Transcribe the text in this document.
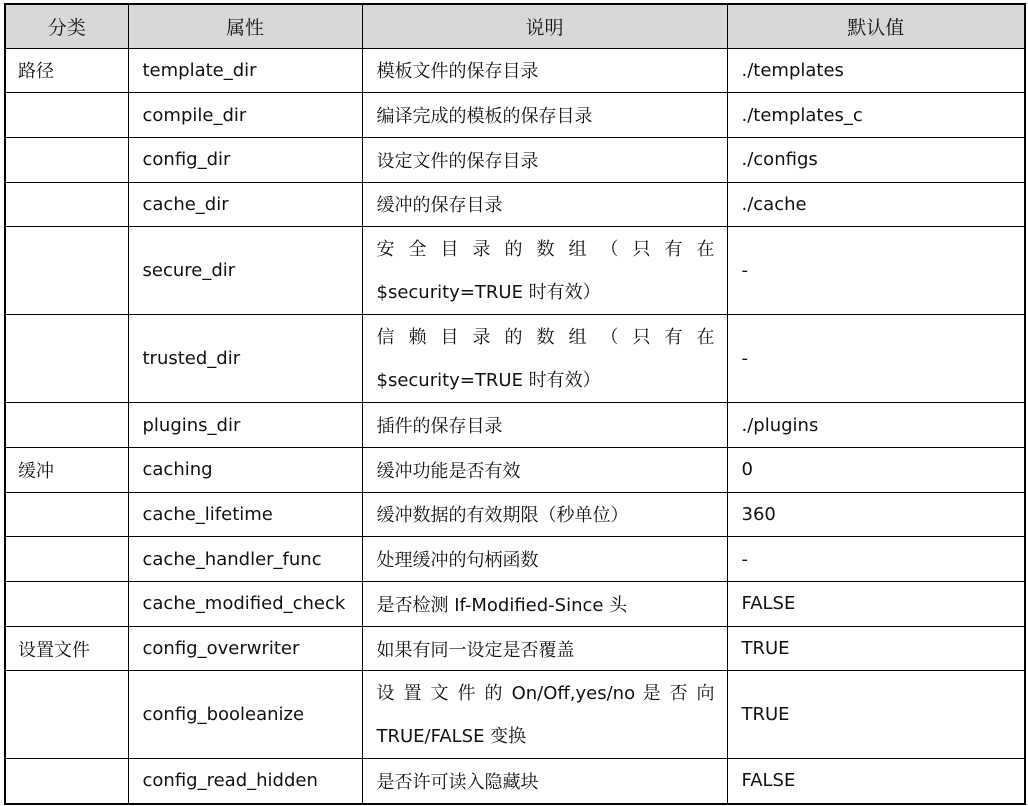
分类	属性	说明	默认值
路径	template_dir	模板文件的保存目录	./templates
	compile_dir	编译完成的模板的保存目录	./templates_c
	config_dir	设定文件的保存目录	./configs
	cache_dir	缓冲的保存目录	./cache
	secure_dir	安 全 目 录 的 数 组 （ 只 有 在 $security=TRUE 时有效）	-
	trusted_dir	信 赖 目 录 的 数 组 （ 只 有 在 $security=TRUE 时有效）	-
	plugins_dir	插件的保存目录	./plugins
缓冲	caching	缓冲功能是否有效	0
	cache_lifetime	缓冲数据的有效期限（秒单位）	360
	cache_handler_func	处理缓冲的句柄函数	-
	cache_modified_check	是否检测 If-Modified-Since 头	FALSE
设置文件	config_overwriter	如果有同一设定是否覆盖	TRUE
	config_booleanize	设 置 文 件 的 On/Off,yes/no 是 否 向 TRUE/FALSE 变换	TRUE
	config_read_hidden	是否许可读入隐藏块	FALSE
